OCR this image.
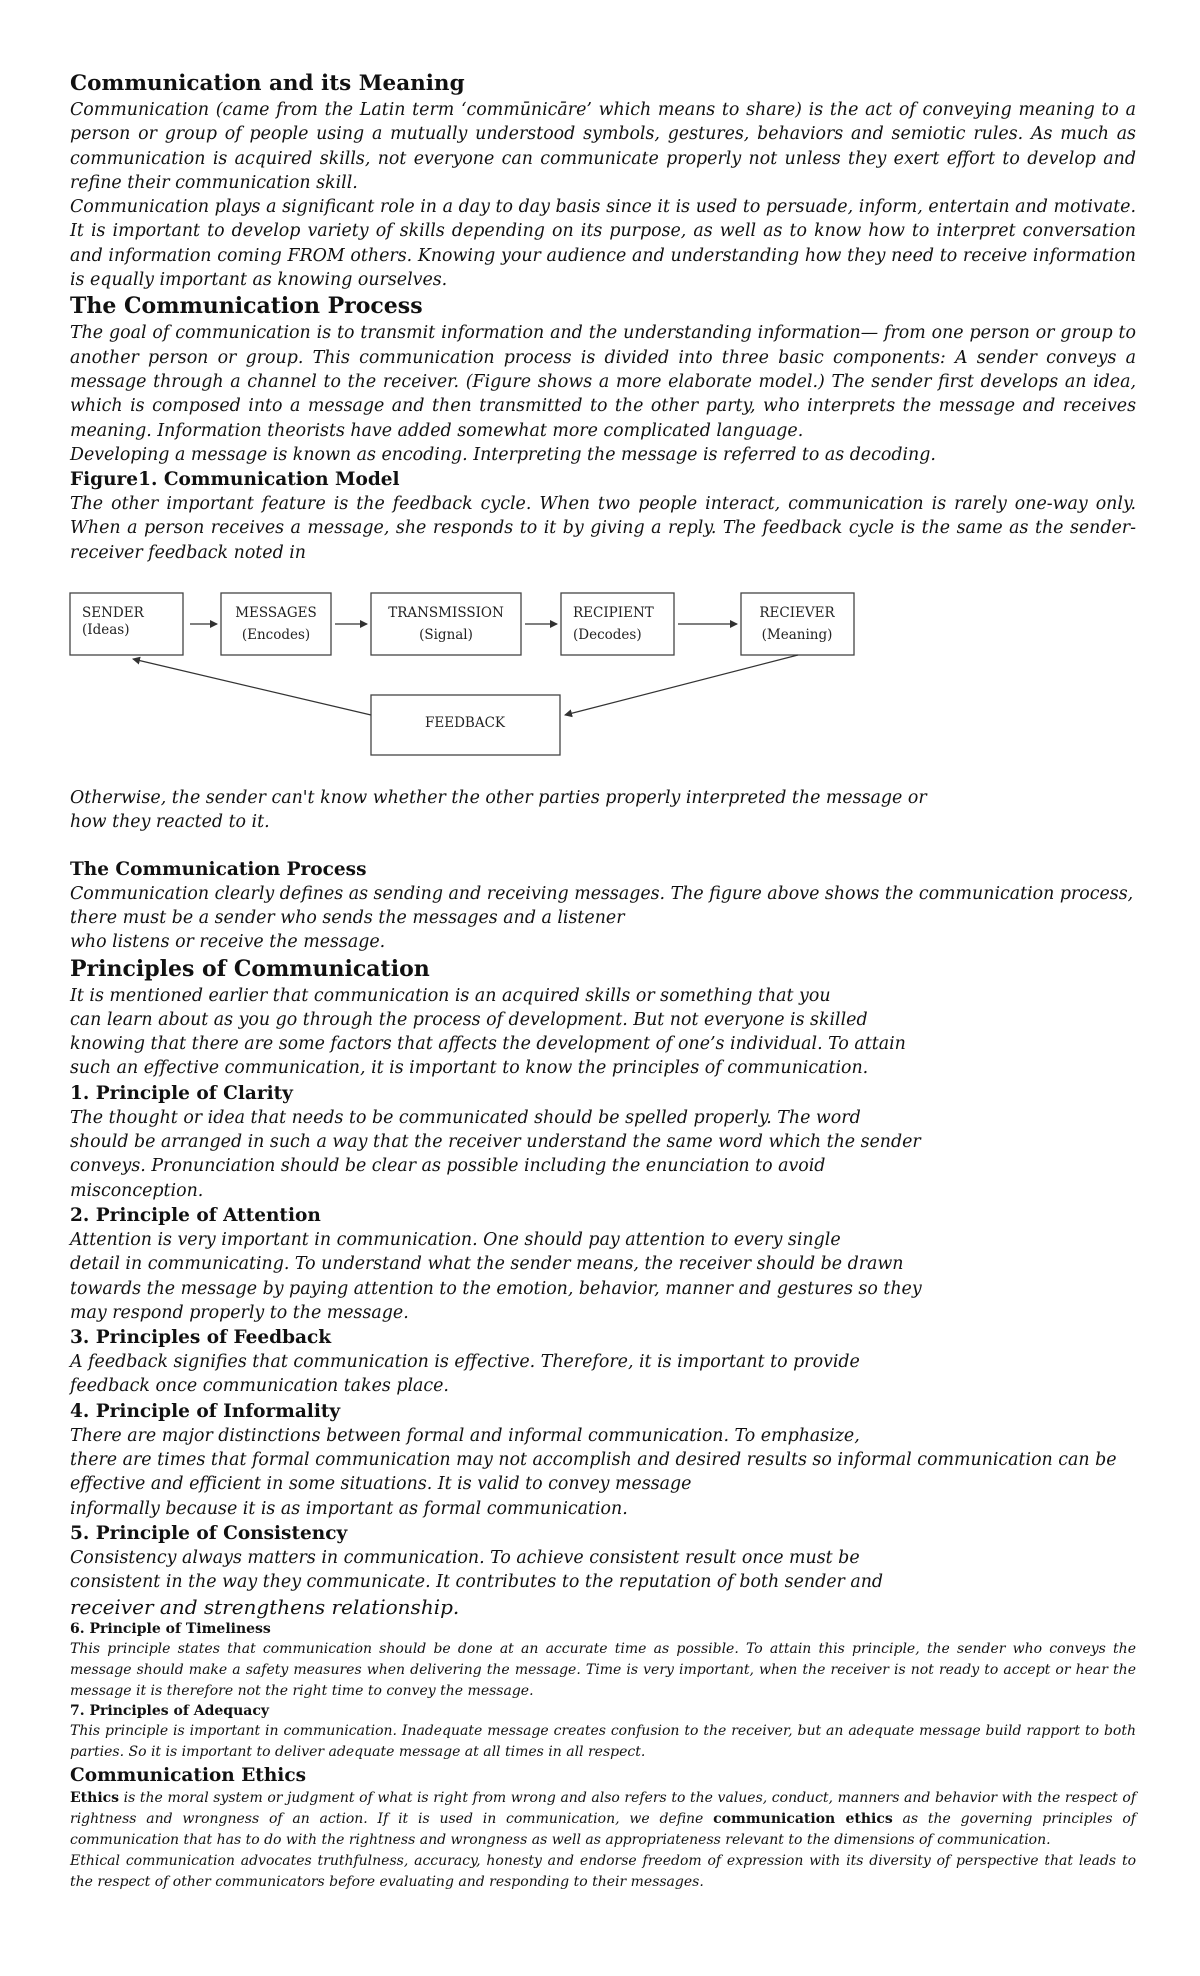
Communication and its Meaning

Communication (came from the Latin term ‘commūnicāre’ which means to share) is the act of conveying meaning to a person or group of people using a mutually understood symbols, gestures, behaviors and semiotic rules. As much as communication is acquired skills, not everyone can communicate properly not unless they exert effort to develop and refine their communication skill.

Communication plays a significant role in a day to day basis since it is used to persuade, inform, entertain and motivate. It is important to develop variety of skills depending on its purpose, as well as to know how to interpret conversation and information coming FROM others. Knowing your audience and understanding how they need to receive information is equally important as knowing ourselves.

The Communication Process

The goal of communication is to transmit information and the understanding information— from one person or group to another person or group. This communication process is divided into three basic components: A sender conveys a message through a channel to the receiver. (Figure shows a more elaborate model.) The sender first develops an idea, which is composed into a message and then transmitted to the other party, who interprets the message and receives meaning. Information theorists have added somewhat more complicated language.

Developing a message is known as encoding. Interpreting the message is referred to as decoding.

Figure1. Communication Model

The other important feature is the feedback cycle. When two people interact, communication is rarely one-way only. When a person receives a message, she responds to it by giving a reply. The feedback cycle is the same as the sender-receiver feedback noted in

SENDER
(Ideas)
MESSAGES
(Encodes)
TRANSMISSION
(Signal)
RECIPIENT
(Decodes)
RECIEVER
(Meaning)
FEEDBACK

Otherwise, the sender can't know whether the other parties properly interpreted the message or
how they reacted to it.

The Communication Process

Communication clearly defines as sending and receiving messages. The figure above shows the communication process,
there must be a sender who sends the messages and a listener
who listens or receive the message.

Principles of Communication

It is mentioned earlier that communication is an acquired skills or something that you
can learn about as you go through the process of development. But not everyone is skilled
knowing that there are some factors that affects the development of one’s individual. To attain
such an effective communication, it is important to know the principles of communication.

1. Principle of Clarity

The thought or idea that needs to be communicated should be spelled properly. The word
should be arranged in such a way that the receiver understand the same word which the sender
conveys. Pronunciation should be clear as possible including the enunciation to avoid
misconception.

2. Principle of Attention

Attention is very important in communication. One should pay attention to every single
detail in communicating. To understand what the sender means, the receiver should be drawn
towards the message by paying attention to the emotion, behavior, manner and gestures so they
may respond properly to the message.

3. Principles of Feedback

A feedback signifies that communication is effective. Therefore, it is important to provide
feedback once communication takes place.

4. Principle of Informality

There are major distinctions between formal and informal communication. To emphasize,
there are times that formal communication may not accomplish and desired results so informal communication can be
effective and efficient in some situations. It is valid to convey message
informally because it is as important as formal communication.

5. Principle of Consistency

Consistency always matters in communication. To achieve consistent result once must be
consistent in the way they communicate. It contributes to the reputation of both sender and

receiver and strengthens relationship.

6. Principle of Timeliness

This principle states that communication should be done at an accurate time as possible. To attain this principle, the sender who conveys the message should make a safety measures when delivering the message. Time is very important, when the receiver is not ready to accept or hear the message it is therefore not the right time to convey the message.

7. Principles of Adequacy

This principle is important in communication. Inadequate message creates confusion to the receiver, but an adequate message build rapport to both parties. So it is important to deliver adequate message at all times in all respect.

Communication Ethics

Ethics is the moral system or judgment of what is right from wrong and also refers to the values, conduct, manners and behavior with the respect of rightness and wrongness of an action. If it is used in communication, we define communication ethics as the governing principles of communication that has to do with the rightness and wrongness as well as appropriateness relevant to the dimensions of communication.

Ethical communication advocates truthfulness, accuracy, honesty and endorse freedom of expression with its diversity of perspective that leads to the respect of other communicators before evaluating and responding to their messages.
